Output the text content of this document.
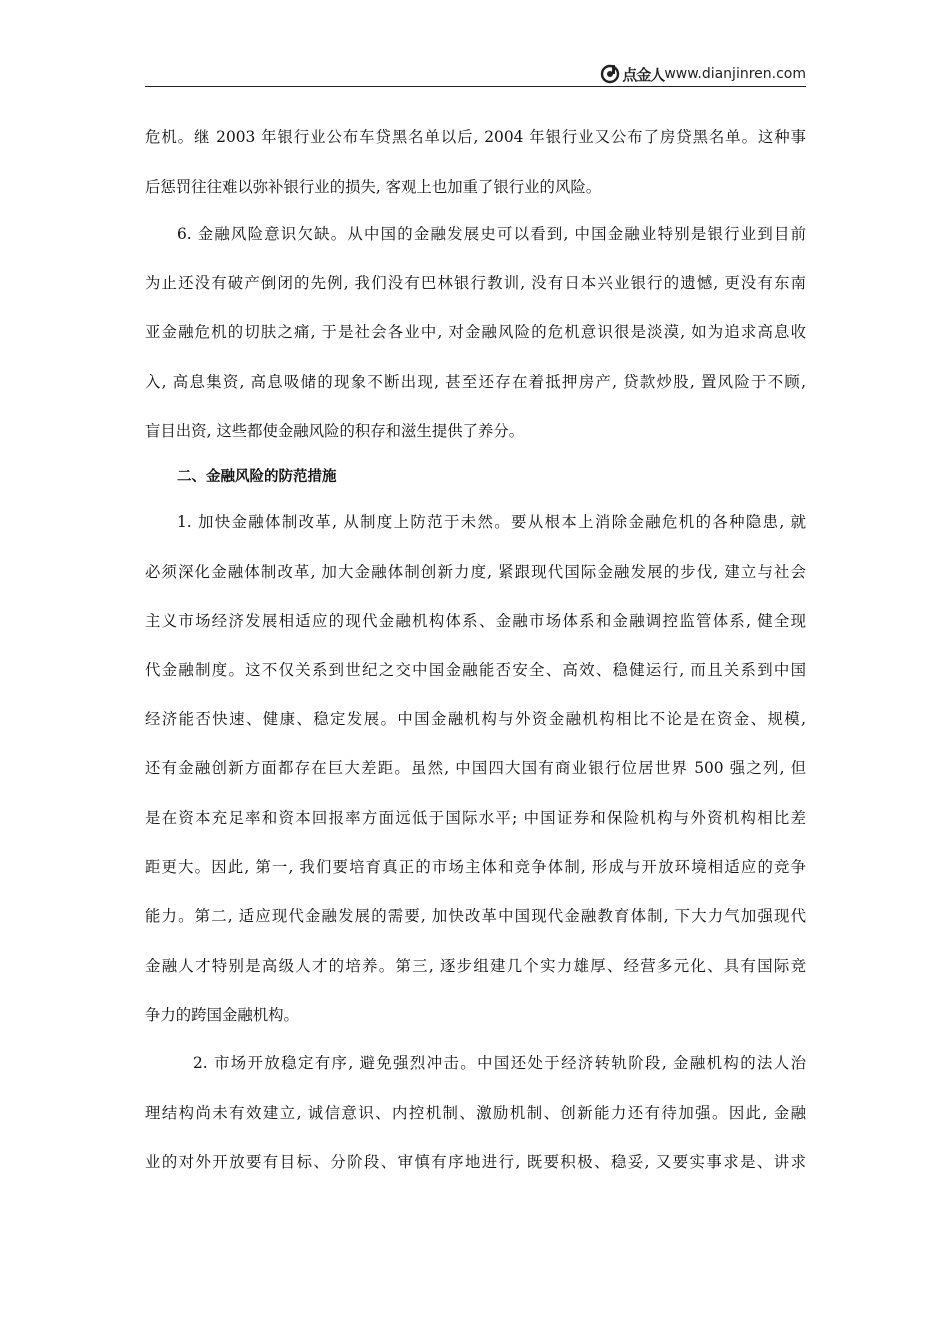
点金人 www.dianjinren.com
危机。继 2003 年银行业公布车贷黑名单以后, 2004 年银行业又公布了房贷黑名单。这种事
后惩罚往往难以弥补银行业的损失, 客观上也加重了银行业的风险。
6. 金融风险意识欠缺。从中国的金融发展史可以看到, 中国金融业特别是银行业到目前
为止还没有破产倒闭的先例, 我们没有巴林银行教训, 没有日本兴业银行的遗憾, 更没有东南
亚金融危机的切肤之痛, 于是社会各业中, 对金融风险的危机意识很是淡漠, 如为追求高息收
入, 高息集资, 高息吸储的现象不断出现, 甚至还存在着抵押房产, 贷款炒股, 置风险于不顾,
盲目出资, 这些都使金融风险的积存和滋生提供了养分。
二、金融风险的防范措施
1. 加快金融体制改革, 从制度上防范于未然。要从根本上消除金融危机的各种隐患, 就
必须深化金融体制改革, 加大金融体制创新力度, 紧跟现代国际金融发展的步伐, 建立与社会
主义市场经济发展相适应的现代金融机构体系、金融市场体系和金融调控监管体系, 健全现
代金融制度。这不仅关系到世纪之交中国金融能否安全、高效、稳健运行, 而且关系到中国
经济能否快速、健康、稳定发展。中国金融机构与外资金融机构相比不论是在资金、规模,
还有金融创新方面都存在巨大差距。虽然, 中国四大国有商业银行位居世界 500 强之列, 但
是在资本充足率和资本回报率方面远低于国际水平; 中国证券和保险机构与外资机构相比差
距更大。因此, 第一, 我们要培育真正的市场主体和竞争体制, 形成与开放环境相适应的竞争
能力。第二, 适应现代金融发展的需要, 加快改革中国现代金融教育体制, 下大力气加强现代
金融人才特别是高级人才的培养。第三, 逐步组建几个实力雄厚、经营多元化、具有国际竞
争力的跨国金融机构。
2. 市场开放稳定有序, 避免强烈冲击。中国还处于经济转轨阶段, 金融机构的法人治
理结构尚未有效建立, 诚信意识、内控机制、激励机制、创新能力还有待加强。因此, 金融
业的对外开放要有目标、分阶段、审慎有序地进行, 既要积极、稳妥, 又要实事求是、讲求
